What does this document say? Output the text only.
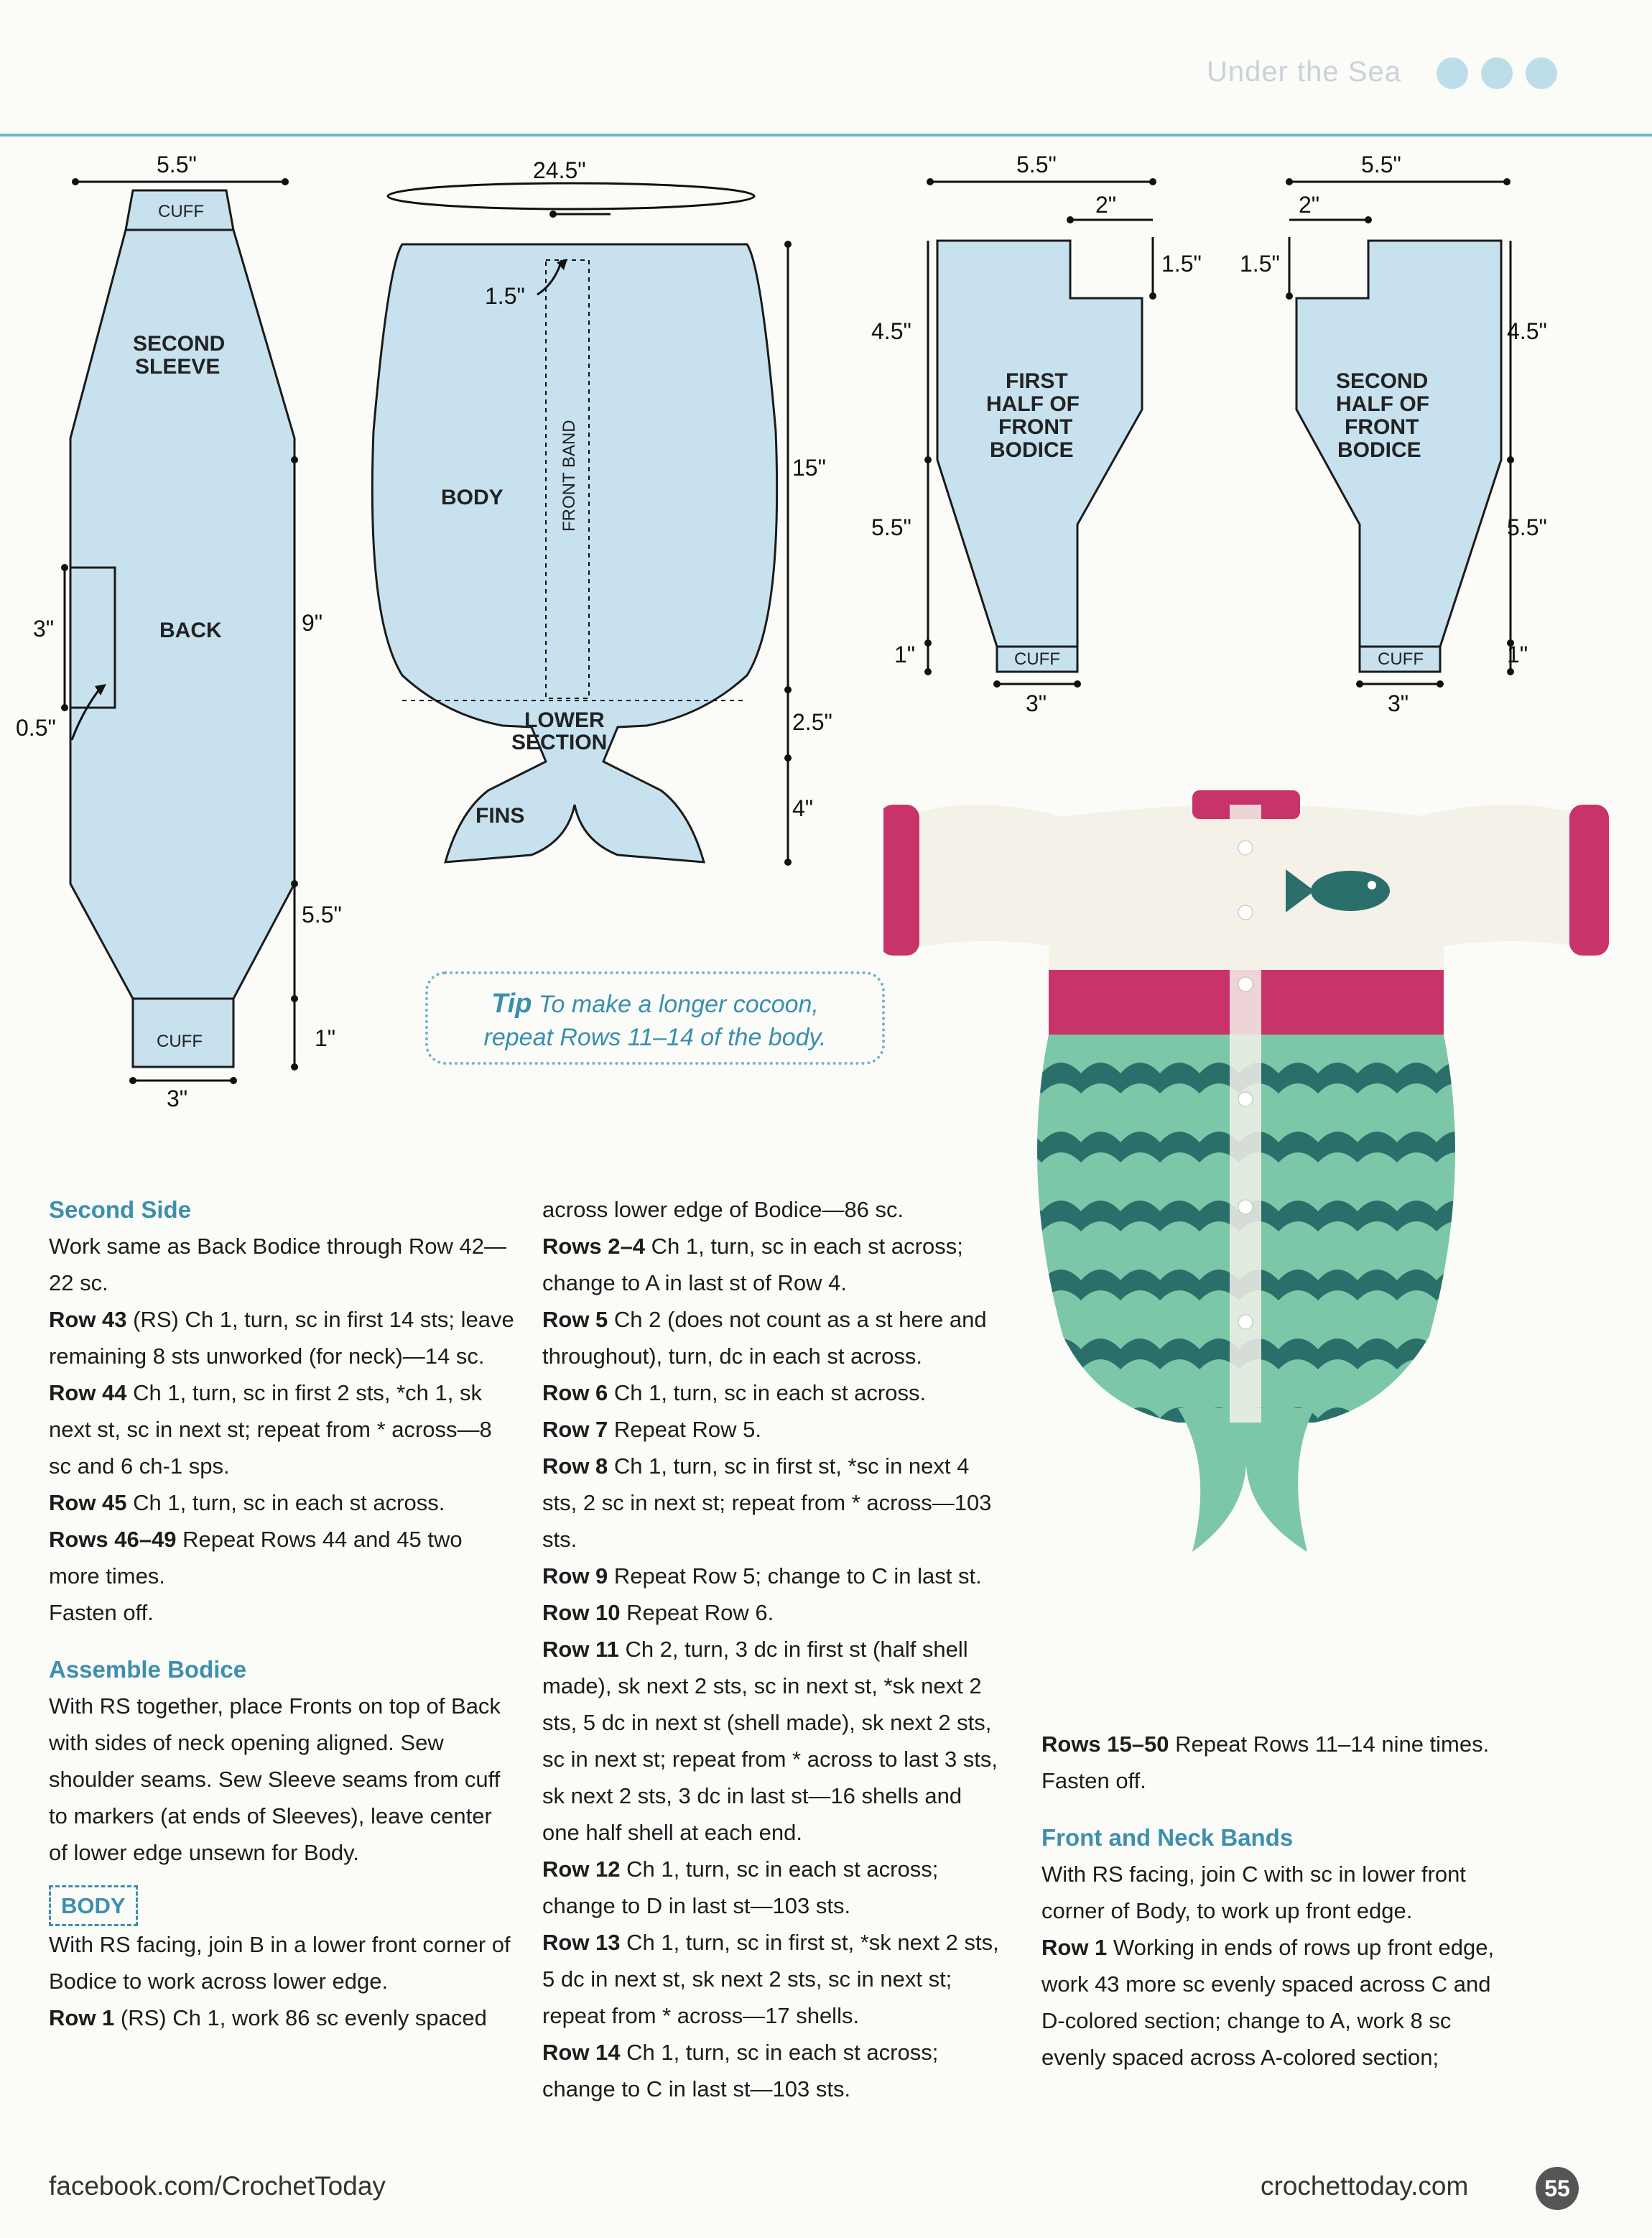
Under the Sea
5.5"
CUFF
SECOND
SLEEVE
CUFF
3"
BACK
3"
0.5"
9"
5.5"
1"
24.5"
1.5"
BODY	FRONT BAND
LOWER
SECTION
FINS
15"
2.5"
4"
5.5"
2"
1.5"
4.5"
FIRST
HALF OF
FRONT
BODICE
5.5"
1"	CUFF
3"
5.5"
2"
1.5"
4.5"
SECOND
HALF OF
FRONT
BODICE
5.5"
1"
CUFF
3"
Tip To make a longer cocoon,
repeat Rows 11–14 of the body.

Second Side

Work same as Back Bodice through Row 42—22 sc.

Row 43 (RS) Ch 1, turn, sc in first 14 sts; leave remaining 8 sts unworked (for neck)—14 sc.

Row 44 Ch 1, turn, sc in first 2 sts, *ch 1, sk next st, sc in next st; repeat from * across—8 sc and 6 ch-1 sps.

Row 45 Ch 1, turn, sc in each st across.

Rows 46–49 Repeat Rows 44 and 45 two more times.

Fasten off.

Assemble Bodice

With RS together, place Fronts on top of Back with sides of neck opening aligned. Sew shoulder seams. Sew Sleeve seams from cuff to markers (at ends of Sleeves), leave center of lower edge unsewn for Body.

BODY

With RS facing, join B in a lower front corner of Bodice to work across lower edge.

Row 1 (RS) Ch 1, work 86 sc evenly spaced

across lower edge of Bodice—86 sc.

Rows 2–4 Ch 1, turn, sc in each st across; change to A in last st of Row 4.

Row 5 Ch 2 (does not count as a st here and throughout), turn, dc in each st across.

Row 6 Ch 1, turn, sc in each st across.

Row 7 Repeat Row 5.

Row 8 Ch 1, turn, sc in first st, *sc in next 4 sts, 2 sc in next st; repeat from * across—103 sts.

Row 9 Repeat Row 5; change to C in last st.

Row 10 Repeat Row 6.

Row 11 Ch 2, turn, 3 dc in first st (half shell made), sk next 2 sts, sc in next st, *sk next 2 sts, 5 dc in next st (shell made), sk next 2 sts, sc in next st; repeat from * across to last 3 sts, sk next 2 sts, 3 dc in last st—16 shells and one half shell at each end.

Row 12 Ch 1, turn, sc in each st across; change to D in last st—103 sts.

Row 13 Ch 1, turn, sc in first st, *sk next 2 sts, 5 dc in next st, sk next 2 sts, sc in next st; repeat from * across—17 shells.

Row 14 Ch 1, turn, sc in each st across; change to C in last st—103 sts.

Rows 15–50 Repeat Rows 11–14 nine times.

Fasten off.

Front and Neck Bands

With RS facing, join C with sc in lower front corner of Body, to work up front edge.

Row 1 Working in ends of rows up front edge, work 43 more sc evenly spaced across C and D-colored section; change to A, work 8 sc evenly spaced across A-colored section;

facebook.com/CrochetToday	crochettoday.com	55
